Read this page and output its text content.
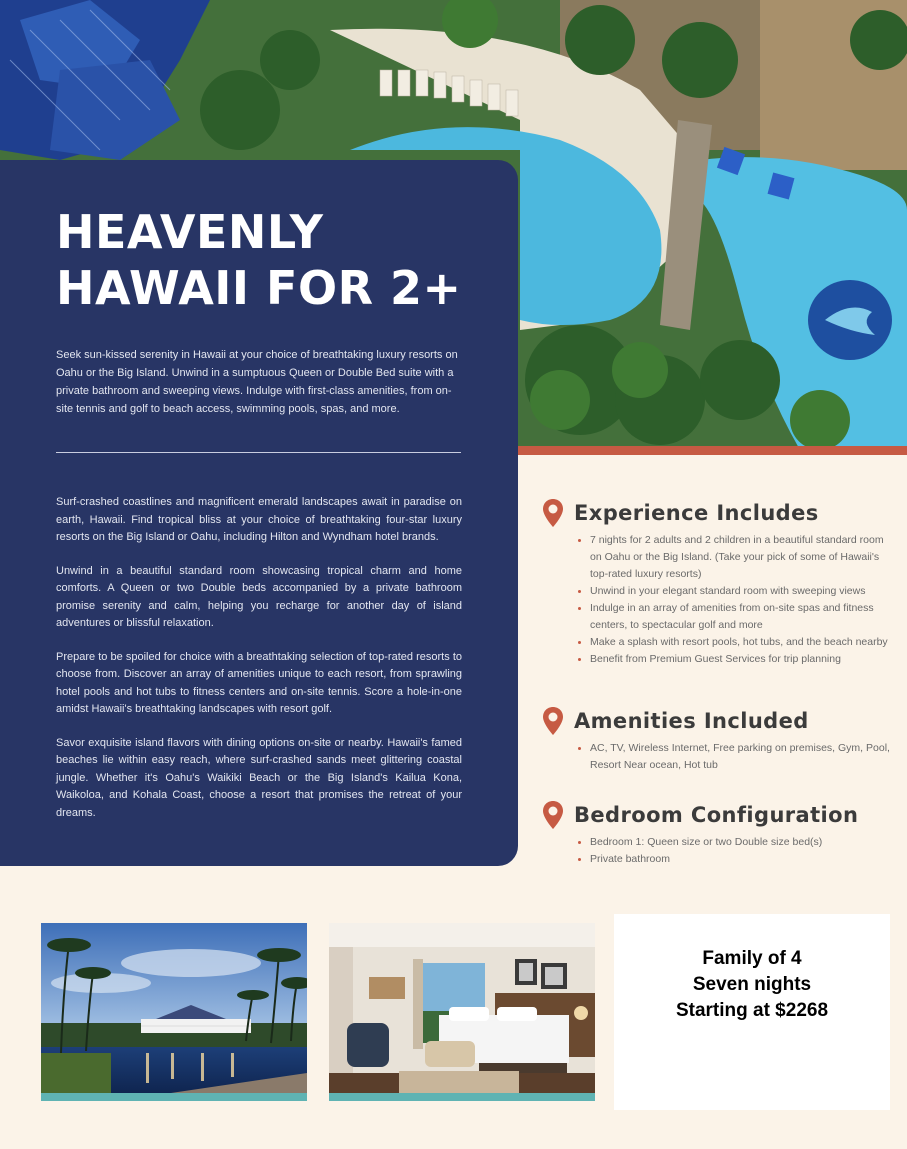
HEAVENLY
HAWAII FOR 2+

Seek sun-kissed serenity in Hawaii at your choice of breathtaking luxury resorts on Oahu or the Big Island. Unwind in a sumptuous Queen or Double Bed suite with a private bathroom and sweeping views. Indulge with first-class amenities, from on-site tennis and golf to beach access, swimming pools, spas, and more.

Surf-crashed coastlines and magnificent emerald landscapes await in paradise on earth, Hawaii. Find tropical bliss at your choice of breathtaking four-star luxury resorts on the Big Island or Oahu, including Hilton and Wyndham hotel brands.

Unwind in a beautiful standard room showcasing tropical charm and home comforts. A Queen or two Double beds accompanied by a private bathroom promise serenity and calm, helping you recharge for another day of island adventures or blissful relaxation.

Prepare to be spoiled for choice with a breathtaking selection of top-rated resorts to choose from. Discover an array of amenities unique to each resort, from sprawling hotel pools and hot tubs to fitness centers and on-site tennis. Score a hole-in-one amidst Hawaii's breathtaking landscapes with resort golf.

Savor exquisite island flavors with dining options on-site or nearby. Hawaii's famed beaches lie within easy reach, where surf-crashed sands meet glittering coastal jungle. Whether it's Oahu's Waikiki Beach or the Big Island's Kailua Kona, Waikoloa, and Kohala Coast, choose a resort that promises the retreat of your dreams.

Experience Includes
7 nights for 2 adults and 2 children in a beautiful standard room on Oahu or the Big Island. (Take your pick of some of Hawaii's top-rated luxury resorts)
Unwind in your elegant standard room with sweeping views
Indulge in an array of amenities from on-site spas and fitness centers, to spectacular golf and more
Make a splash with resort pools, hot tubs, and the beach nearby
Benefit from Premium Guest Services for trip planning
Amenities Included
AC, TV, Wireless Internet, Free parking on premises, Gym, Pool, Resort Near ocean, Hot tub
Bedroom Configuration
Bedroom 1: Queen size or two Double size bed(s)
Private bathroom
Family of 4
Seven nights
Starting at $2268
